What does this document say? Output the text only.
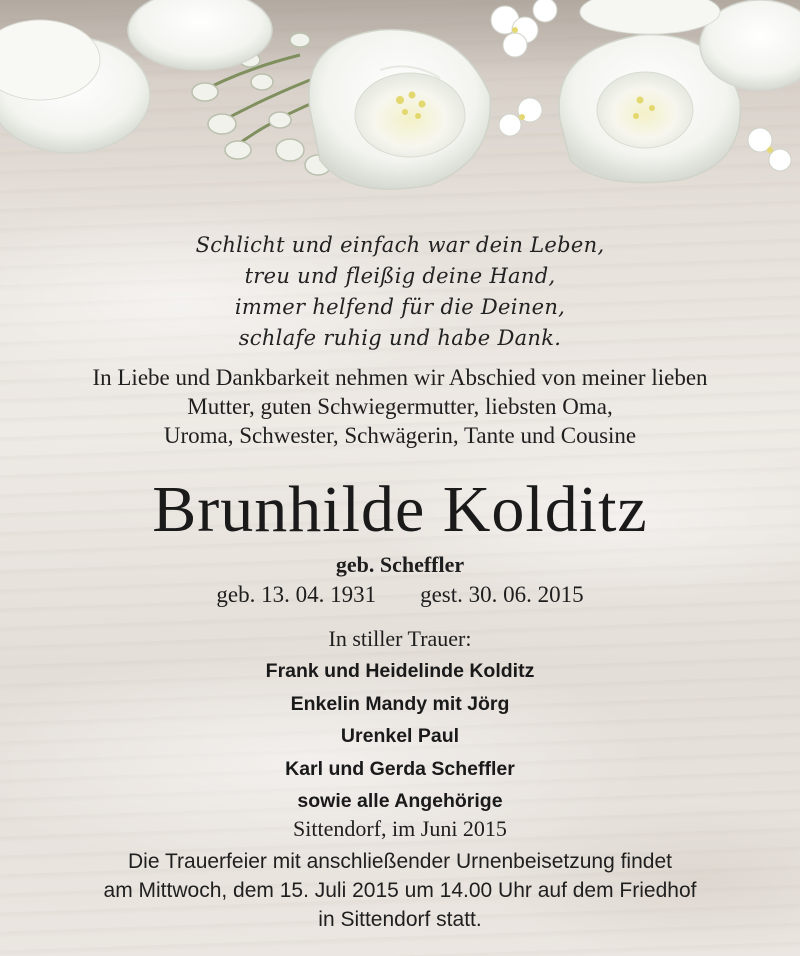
Schlicht und einfach war dein Leben,
treu und fleißig deine Hand,
immer helfend für die Deinen,
schlafe ruhig und habe Dank.
In Liebe und Dankbarkeit nehmen wir Abschied von meiner lieben
Mutter, guten Schwiegermutter, liebsten Oma,
Uroma, Schwester, Schwägerin, Tante und Cousine
Brunhilde Kolditz
geb. Scheffler
geb. 13. 04. 1931 gest. 30. 06. 2015
In stiller Trauer:
Frank und Heidelinde Kolditz
Enkelin Mandy mit Jörg
Urenkel Paul
Karl und Gerda Scheffler
sowie alle Angehörige
Sittendorf, im Juni 2015
Die Trauerfeier mit anschließender Urnenbeisetzung findet
am Mittwoch, dem 15. Juli 2015 um 14.00 Uhr auf dem Friedhof
in Sittendorf statt.
